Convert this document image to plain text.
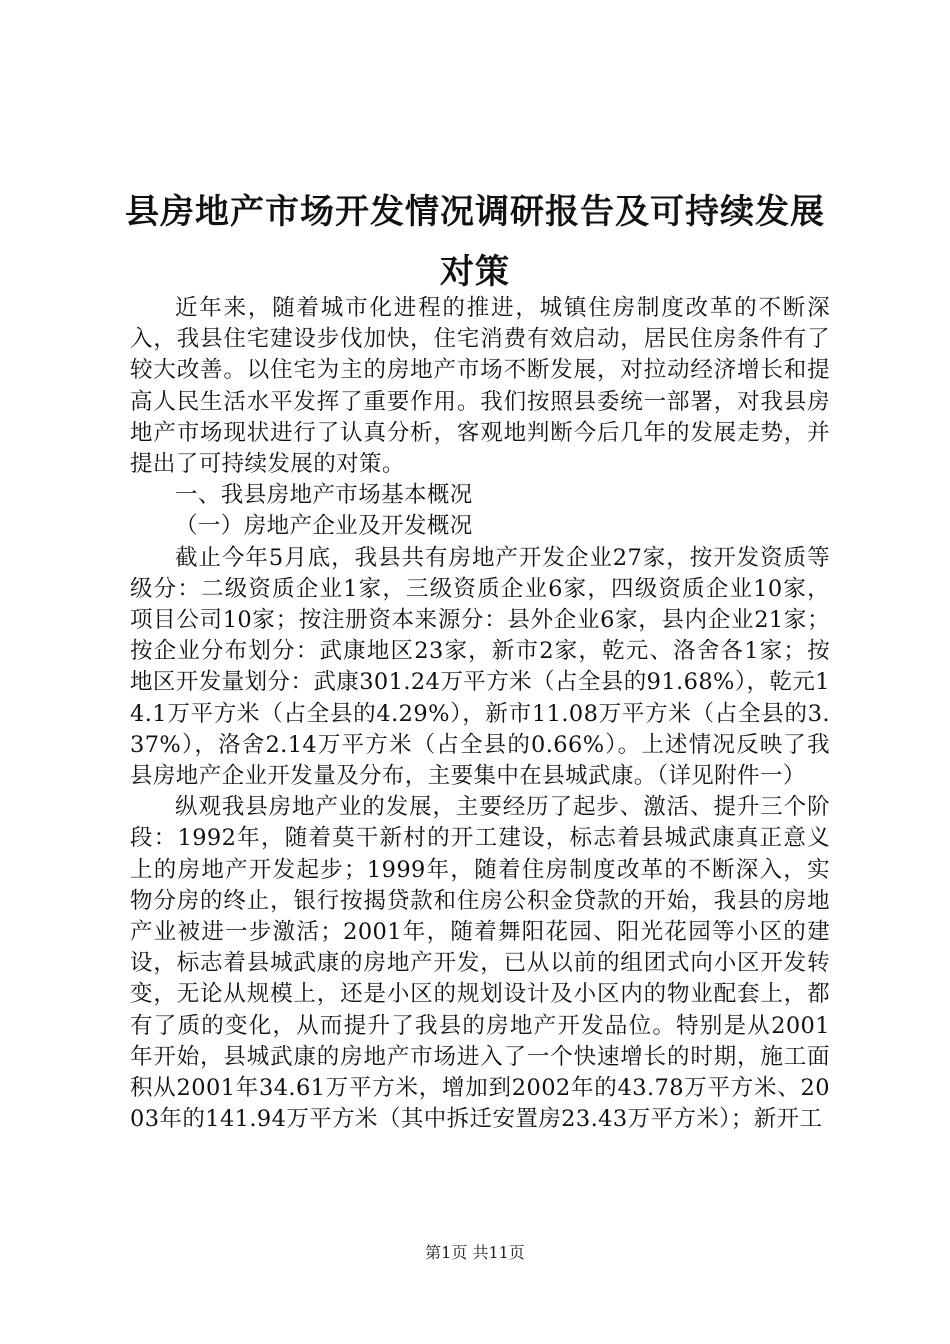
县房地产市场开发情况调研报告及可持续发展对策

近年来，随着城市化进程的推进，城镇住房制度改革的不断深入，我县住宅建设步伐加快，住宅消费有效启动，居民住房条件有了较大改善。以住宅为主的房地产市场不断发展，对拉动经济增长和提高人民生活水平发挥了重要作用。我们按照县委统一部署，对我县房地产市场现状进行了认真分析，客观地判断今后几年的发展走势，并提出了可持续发展的对策。

一、我县房地产市场基本概况

（一）房地产企业及开发概况

截止今年5月底，我县共有房地产开发企业27家，按开发资质等级分：二级资质企业1家，三级资质企业6家，四级资质企业10家，项目公司10家；按注册资本来源分：县外企业6家，县内企业21家；按企业分布划分：武康地区23家，新市2家，乾元、洛舍各1家；按地区开发量划分：武康301.24万平方米（占全县的91.68%），乾元14.1万平方米（占全县的4.29%），新市11.08万平方米（占全县的3.37%），洛舍2.14万平方米（占全县的0.66%）。上述情况反映了我县房地产企业开发量及分布，主要集中在县城武康。（详见附件一）

纵观我县房地产业的发展，主要经历了起步、激活、提升三个阶段：1992年，随着莫干新村的开工建设，标志着县城武康真正意义上的房地产开发起步；1999年，随着住房制度改革的不断深入，实物分房的终止，银行按揭贷款和住房公积金贷款的开始，我县的房地产业被进一步激活；2001年，随着舞阳花园、阳光花园等小区的建设，标志着县城武康的房地产开发，已从以前的组团式向小区开发转变，无论从规模上，还是小区的规划设计及小区内的物业配套上，都有了质的变化，从而提升了我县的房地产开发品位。特别是从2001年开始，县城武康的房地产市场进入了一个快速增长的时期，施工面积从2001年34.61万平方米，增加到2002年的43.78万平方米、2003年的141.94万平方米（其中拆迁安置房23.43万平方米）；新开工

第1页 共11页
